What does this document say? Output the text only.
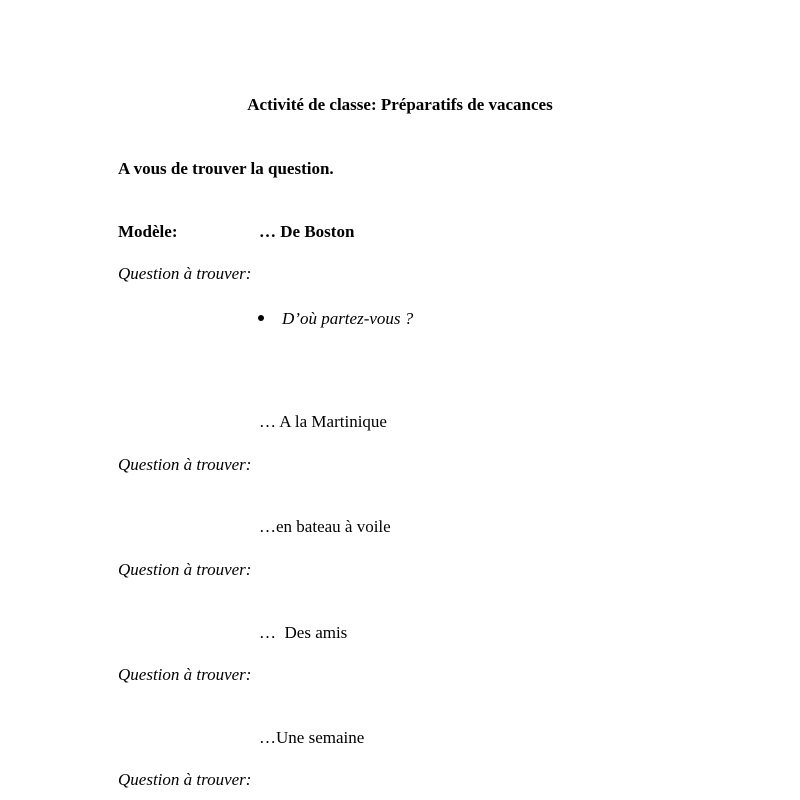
Activité de classe: Préparatifs de vacances
A vous de trouver la question.
Modèle:	… De Boston
Question à trouver:
D’où partez-vous ?
… A la Martinique
Question à trouver:
…en bateau à voile
Question à trouver:
…  Des amis
Question à trouver:
…Une semaine
Question à trouver:
